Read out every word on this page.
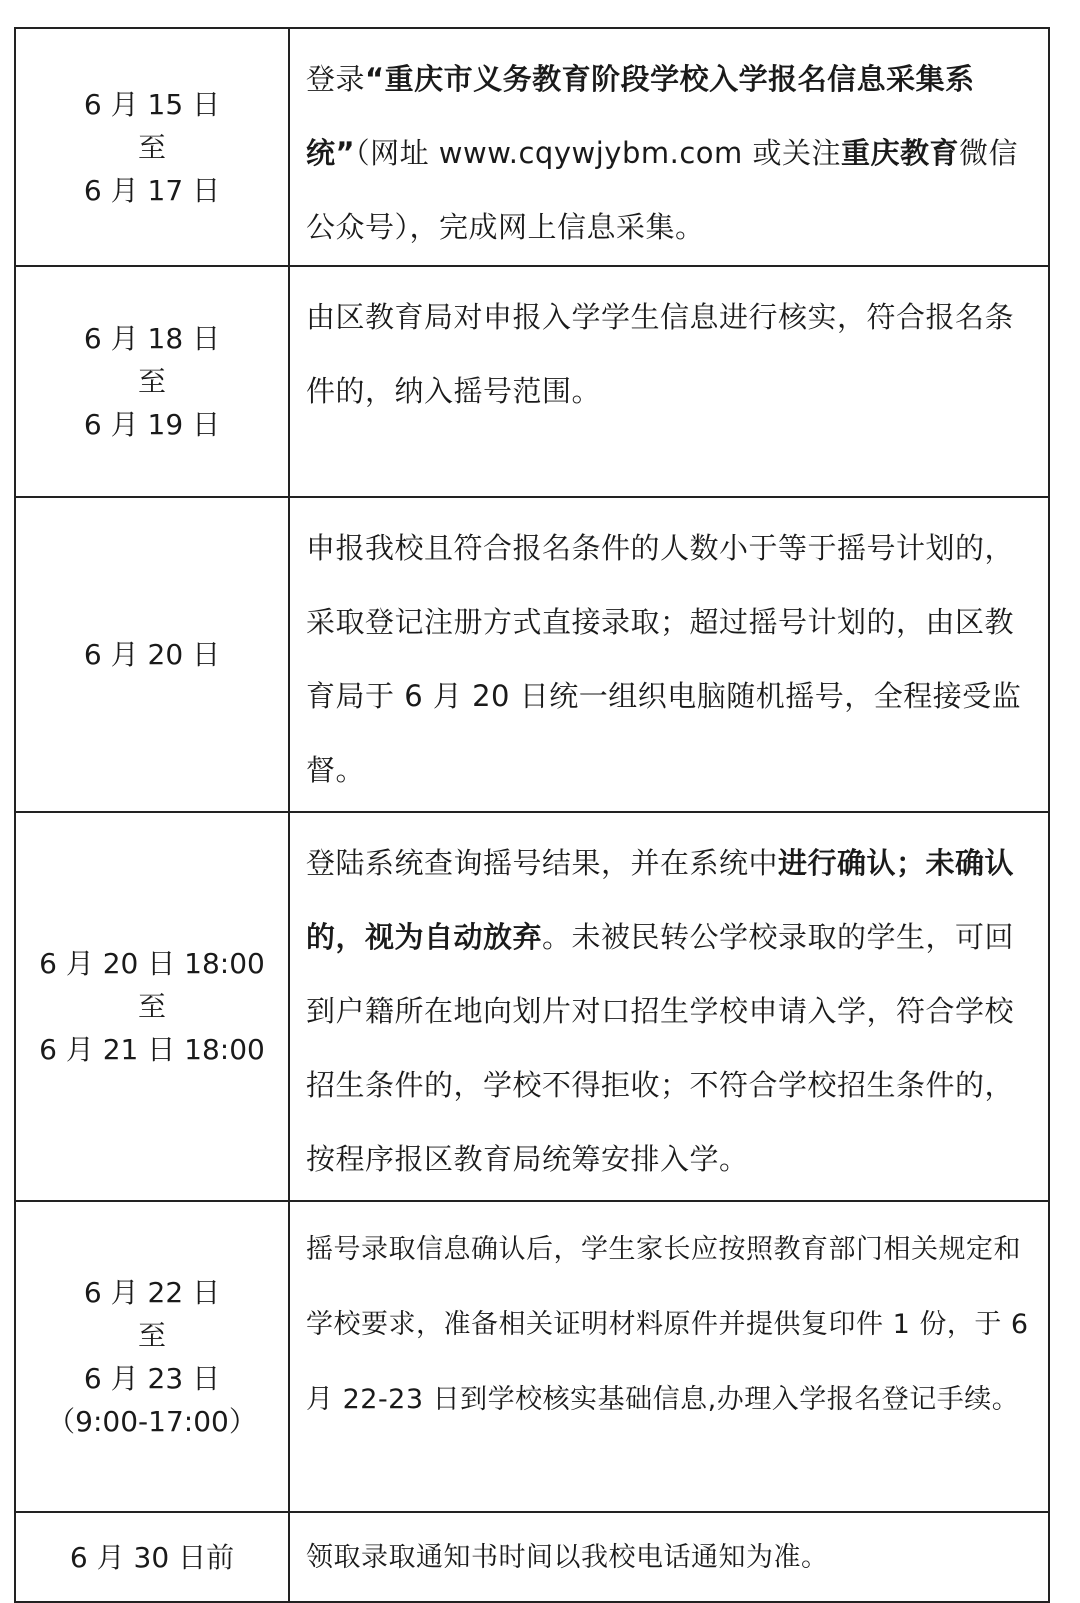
6 月 15 日
至
6 月 17 日	登录“重庆市义务教育阶段学校入学报名信息采集系统”（网址 www.cqywjybm.com 或关注重庆教育微信公众号），完成网上信息采集。

6 月 18 日
至
6 月 19 日	由区教育局对申报入学学生信息进行核实，符合报名条件的，纳入摇号范围。

6 月 20 日	申报我校且符合报名条件的人数小于等于摇号计划的，采取登记注册方式直接录取；超过摇号计划的，由区教育局于 6 月 20 日统一组织电脑随机摇号，全程接受监督。

6 月 20 日 18:00
至
6 月 21 日 18:00	登陆系统查询摇号结果，并在系统中进行确认；未确认的，视为自动放弃。未被民转公学校录取的学生，可回到户籍所在地向划片对口招生学校申请入学，符合学校招生条件的，学校不得拒收；不符合学校招生条件的，按程序报区教育局统筹安排入学。

6 月 22 日
至
6 月 23 日
（9:00-17:00）	摇号录取信息确认后，学生家长应按照教育部门相关规定和学校要求，准备相关证明材料原件并提供复印件 1 份，于 6 月 22-23 日到学校核实基础信息,办理入学报名登记手续。

6 月 30 日前	领取录取通知书时间以我校电话通知为准。
